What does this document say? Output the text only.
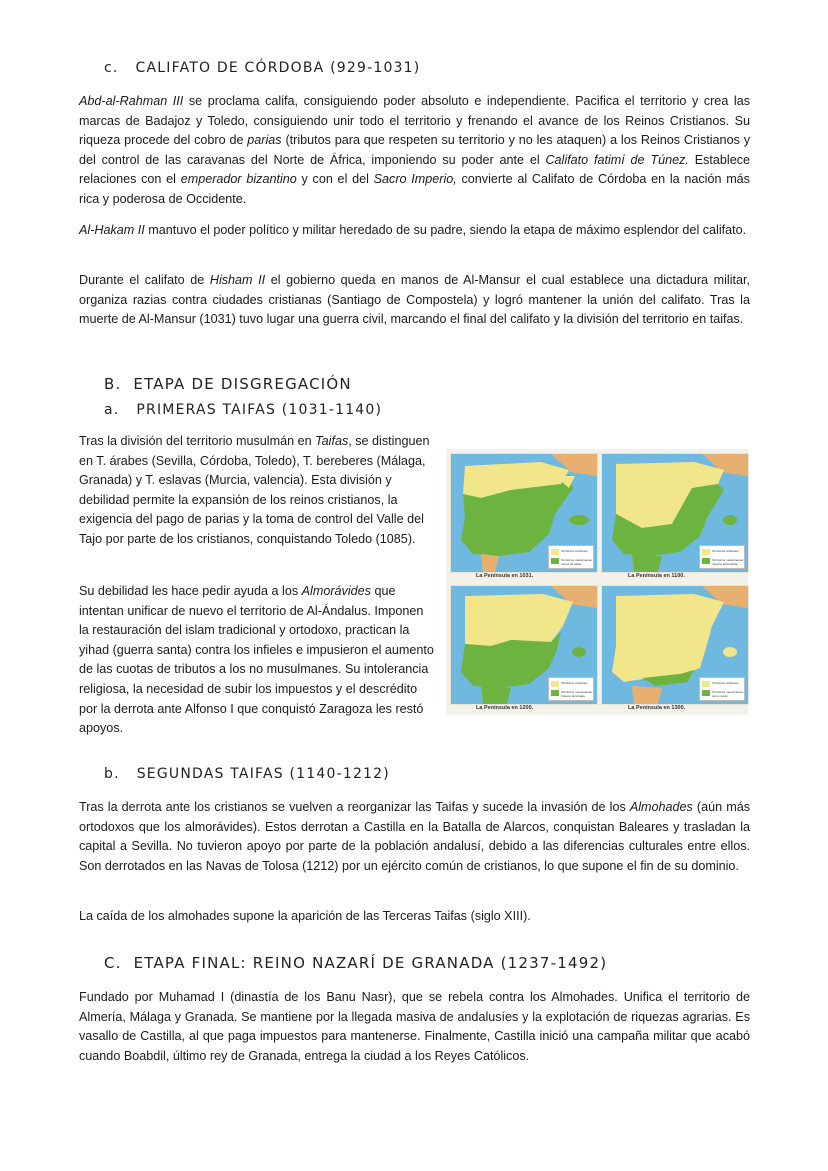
c. CALIFATO DE CÓRDOBA (929-1031)

Abd-al-Rahman III se proclama califa, consiguiendo poder absoluto e independiente. Pacifica el territorio y crea las marcas de Badajoz y Toledo, consiguiendo unir todo el territorio y frenando el avance de los Reinos Cristianos. Su riqueza procede del cobro de parias (tributos para que respeten su territorio y no les ataquen) a los Reinos Cristianos y del control de las caravanas del Norte de África, imponiendo su poder ante el Califato fatimí de Túnez. Establece relaciones con el emperador bizantino y con el del Sacro Imperio, convierte al Califato de Córdoba en la nación más rica y poderosa de Occidente.

Al-Hakam II mantuvo el poder político y militar heredado de su padre, siendo la etapa de máximo esplendor del califato.

Durante el califato de Hisham II el gobierno queda en manos de Al-Mansur el cual establece una dictadura militar, organiza razias contra ciudades cristianas (Santiago de Compostela) y logró mantener la unión del califato. Tras la muerte de Al-Mansur (1031) tuvo lugar una guerra civil, marcando el final del califato y la división del territorio en taifas.

B. ETAPA DE DISGREGACIÓN
a. PRIMERAS TAIFAS (1031-1140)

Tras la división del territorio musulmán en Taifas, se distinguen en T. árabes (Sevilla, Córdoba, Toledo), T. bereberes (Málaga, Granada) y T. eslavas (Murcia, valencia). Esta división y debilidad permite la expansión de los reinos cristianos, la exigencia del pago de parias y la toma de control del Valle del Tajo por parte de los cristianos, conquistando Toledo (1085).

Su debilidad les hace pedir ayuda a los Almorávides que intentan unificar de nuevo el territorio de Al-Ándalus. Imponen la restauración del islam tradicional y ortodoxo, practican la yihad (guerra santa) contra los infieles e impusieron el aumento de las cuotas de tributos a los no musulmanes. Su intolerancia religiosa, la necesidad de subir los impuestos y el descrédito por la derrota ante Alfonso I que conquistó Zaragoza les restó apoyos.

Territorios cristianos
Territorios musulmanes: reinos de taifas
La Península en 1031.
Territorios cristianos
Territorios musulmanes: Imperio almorávide
La Península en 1100.
Territorios cristianos
Territorios musulmanes: Imperio almohade
La Península en 1200.
Territorios cristianos
Territorios musulmanes: reino nazarí
La Península en 1300.
b. SEGUNDAS TAIFAS (1140-1212)

Tras la derrota ante los cristianos se vuelven a reorganizar las Taifas y sucede la invasión de los Almohades (aún más ortodoxos que los almorávides). Estos derrotan a Castilla en la Batalla de Alarcos, conquistan Baleares y trasladan la capital a Sevilla. No tuvieron apoyo por parte de la población andalusí, debido a las diferencias culturales entre ellos. Son derrotados en las Navas de Tolosa (1212) por un ejército común de cristianos, lo que supone el fin de su dominio.

La caída de los almohades supone la aparición de las Terceras Taifas (siglo XIII).

C. ETAPA FINAL: REINO NAZARÍ DE GRANADA (1237-1492)

Fundado por Muhamad I (dinastía de los Banu Nasr), que se rebela contra los Almohades. Unifica el territorio de Almería, Málaga y Granada. Se mantiene por la llegada masiva de andalusíes y la explotación de riquezas agrarias. Es vasallo de Castilla, al que paga impuestos para mantenerse. Finalmente, Castilla inició una campaña militar que acabó cuando Boabdil, último rey de Granada, entrega la ciudad a los Reyes Católicos.
